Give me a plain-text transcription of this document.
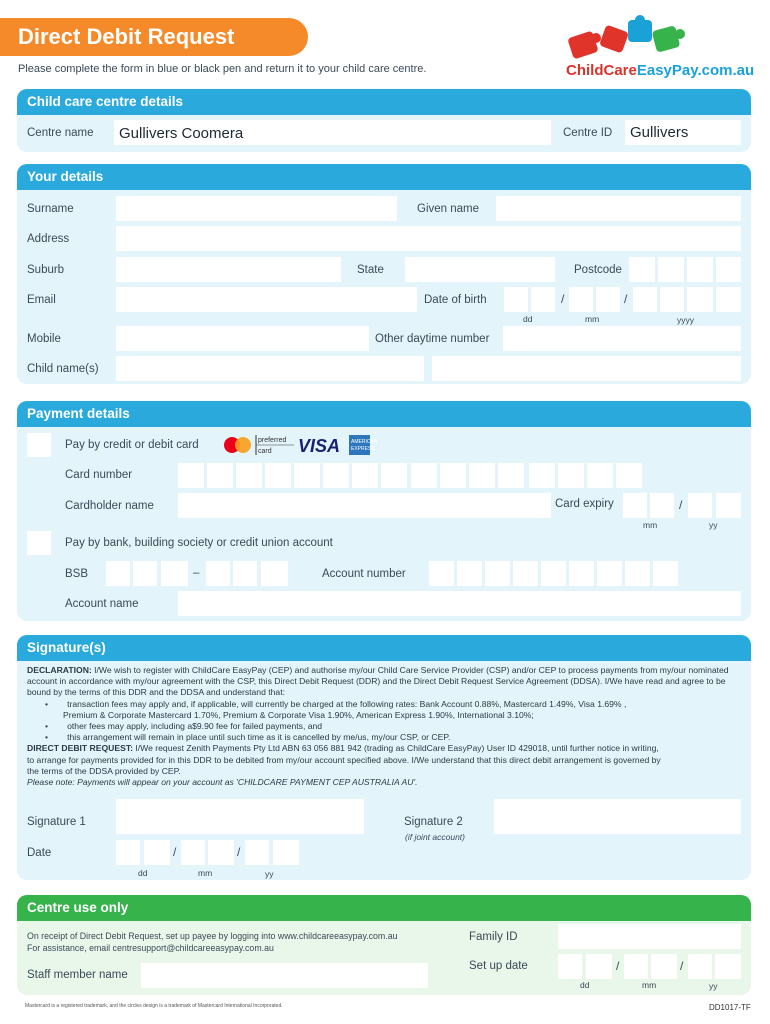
Direct Debit Request
Please complete the form in blue or black pen and return it to your child care centre.	ChildCareEasyPay.com.au
Child care centre details
Centre name Gullivers Coomera	Centre ID Gullivers
Your details
Surname	Given name
Address
Suburb	State	Postcode
Email	Date of birth	/	/
dd	mm	yyyy
Mobile	Other daytime number
Child name(s)
Payment details
Pay by credit or debit card	preferred
card VISA AMERICAN
EXPRESS
Card number
Cardholder name	Card expiry	/
mm	yy
Pay by bank, building society or credit union account
BSB	–	Account number
Account name
Signature(s)
DECLARATION: I/We wish to register with ChildCare EasyPay (CEP) and authorise my/our Child Care Service Provider (CSP) and/or CEP to process payments from my/our nominated account in accordance with my/our agreement with the CSP, this Direct Debit Request (DDR) and the Direct Debit Request Service Agreement (DDSA). I/We have read and agree to be bound by the terms of this DDR and the DDSA and understand that:
•        transaction fees may apply and, if applicable, will currently be charged at the following rates: Bank Account 0.88%, Mastercard 1.49%, Visa 1.69% ,
Premium & Corporate Mastercard 1.70%, Premium & Corporate Visa 1.90%, American Express 1.90%, International 3.10%;
•        other fees may apply, including a$9.90 fee for failed payments, and
•        this arrangement will remain in place until such time as it is cancelled by me/us, my/our CSP, or CEP.
DIRECT DEBIT REQUEST: I/We request Zenith Payments Pty Ltd ABN 63 056 881 942 (trading as ChildCare EasyPay) User ID 429018, until further notice in writing,
to arrange for payments provided for in this DDR to be debited from my/our account specified above. I/We understand that this direct debit arrangement is governed by
the terms of the DDSA provided by CEP.
Please note: Payments will appear on your account as 'CHILDCARE PAYMENT CEP AUSTRALIA AU'.
Signature 1	Signature 2
(if joint account)
Date	/	/
dd	mm	yy
Centre use only
On receipt of Direct Debit Request, set up payee by logging into www.childcareeasypay.com.au
For assistance, email centresupport@childcareeasypay.com.au
Staff member name
Family ID
Set up date	/	/
dd	mm	yy
Mastercard is a registered trademark, and the circles design is a trademark of Mastercard International Incorporated.	DD1017-TF
